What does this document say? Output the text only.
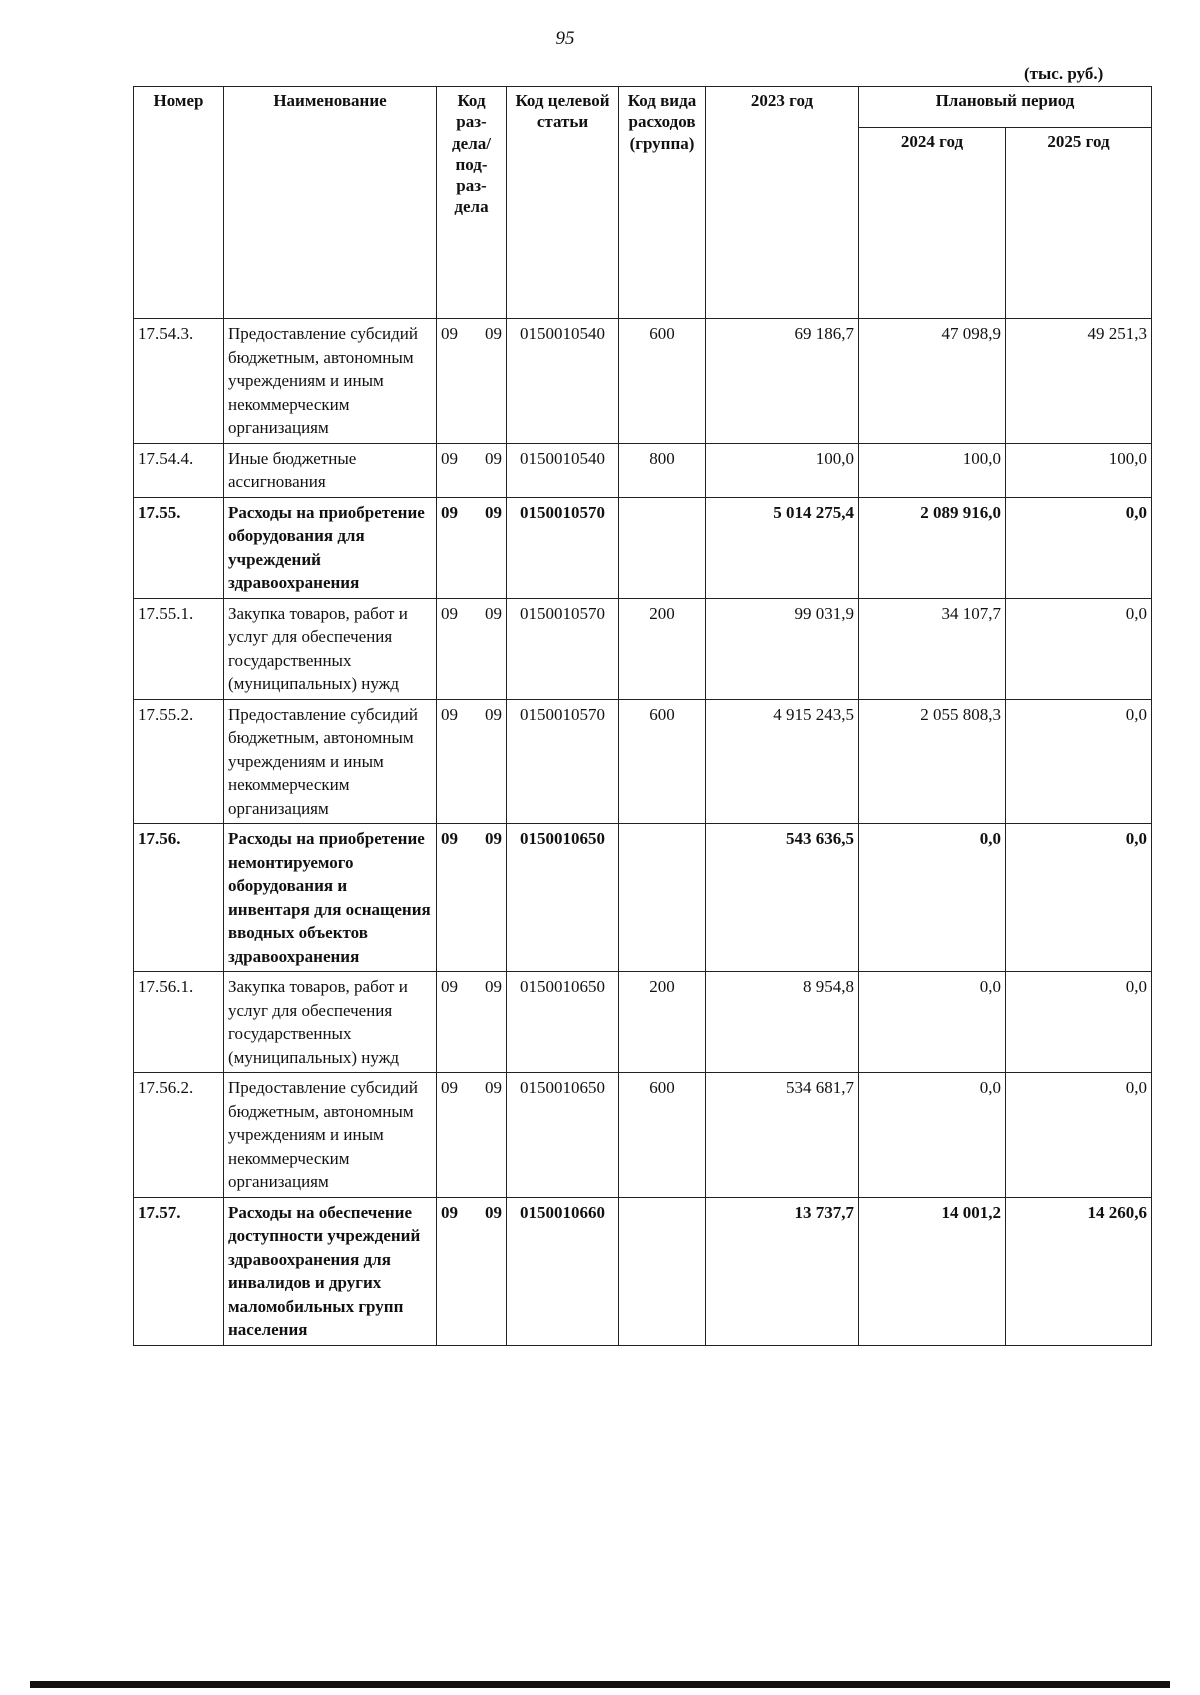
95
(тыс. руб.)
Номер	Наименование	Код раз-дела/ под-раз-дела	Код целевой статьи	Код вида расходов (группа)	2023 год	Плановый период	
						2024 год	2025 год
17.54.3.	Предоставление субсидий бюджетным, автономным учреждениям и иным некоммерческим организациям	09 09	0150010540	600	69 186,7	47 098,9	49 251,3
17.54.4.	Иные бюджетные ассигнования	09 09	0150010540	800	100,0	100,0	100,0
17.55.	Расходы на приобретение оборудования для учреждений здравоохранения	09 09	0150010570		5 014 275,4	2 089 916,0	0,0
17.55.1.	Закупка товаров, работ и услуг для обеспечения государственных (муниципальных) нужд	09 09	0150010570	200	99 031,9	34 107,7	0,0
17.55.2.	Предоставление субсидий бюджетным, автономным учреждениям и иным некоммерческим организациям	09 09	0150010570	600	4 915 243,5	2 055 808,3	0,0
17.56.	Расходы на приобретение немонтируемого оборудования и инвентаря для оснащения вводных объектов здравоохранения	09 09	0150010650		543 636,5	0,0	0,0
17.56.1.	Закупка товаров, работ и услуг для обеспечения государственных (муниципальных) нужд	09 09	0150010650	200	8 954,8	0,0	0,0
17.56.2.	Предоставление субсидий бюджетным, автономным учреждениям и иным некоммерческим организациям	09 09	0150010650	600	534 681,7	0,0	0,0
17.57.	Расходы на обеспечение доступности учреждений здравоохранения для инвалидов и других маломобильных групп населения	09 09	0150010660		13 737,7	14 001,2	14 260,6
